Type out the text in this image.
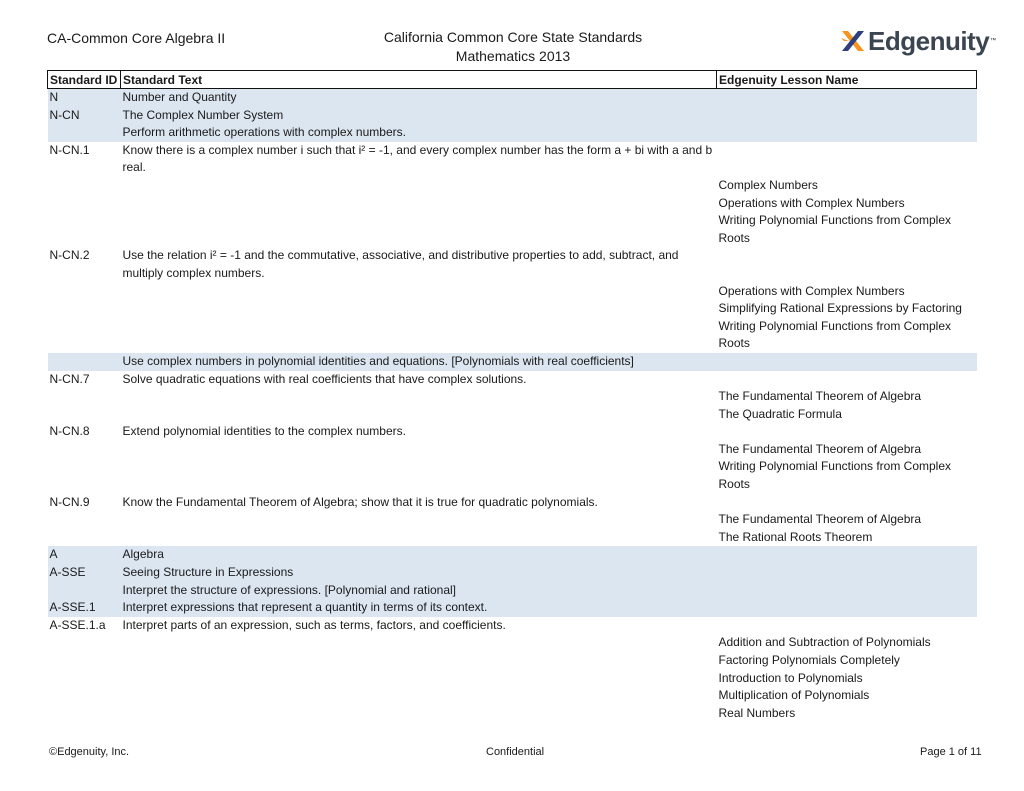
CA-Common Core Algebra II	California Common Core State Standards
Mathematics 2013
Edgenuity ™
Standard ID	Standard Text	Edgenuity Lesson Name
N	Number and Quantity	
N-CN	The Complex Number System	
	Perform arithmetic operations with complex numbers.	
N-CN.1	Know there is a complex number i such that i² = -1, and every complex number has the form a + bi with a and b real.	
		Complex Numbers
		Operations with Complex Numbers
		Writing Polynomial Functions from Complex Roots
N-CN.2	Use the relation i² = -1 and the commutative, associative, and distributive properties to add, subtract, and multiply complex numbers.	
		Operations with Complex Numbers
		Simplifying Rational Expressions by Factoring
		Writing Polynomial Functions from Complex Roots
	Use complex numbers in polynomial identities and equations. [Polynomials with real coefficients]	
N-CN.7	Solve quadratic equations with real coefficients that have complex solutions.	
		The Fundamental Theorem of Algebra
		The Quadratic Formula
N-CN.8	Extend polynomial identities to the complex numbers.	
		The Fundamental Theorem of Algebra
		Writing Polynomial Functions from Complex Roots
N-CN.9	Know the Fundamental Theorem of Algebra; show that it is true for quadratic polynomials.	
		The Fundamental Theorem of Algebra
		The Rational Roots Theorem
A	Algebra	
A-SSE	Seeing Structure in Expressions	
	Interpret the structure of expressions. [Polynomial and rational]	
A-SSE.1	Interpret expressions that represent a quantity in terms of its context.	
A-SSE.1.a	Interpret parts of an expression, such as terms, factors, and coefficients.	
		Addition and Subtraction of Polynomials
		Factoring Polynomials Completely
		Introduction to Polynomials
		Multiplication of Polynomials
		Real Numbers
©Edgenuity, Inc.	Confidential	Page 1 of 11
